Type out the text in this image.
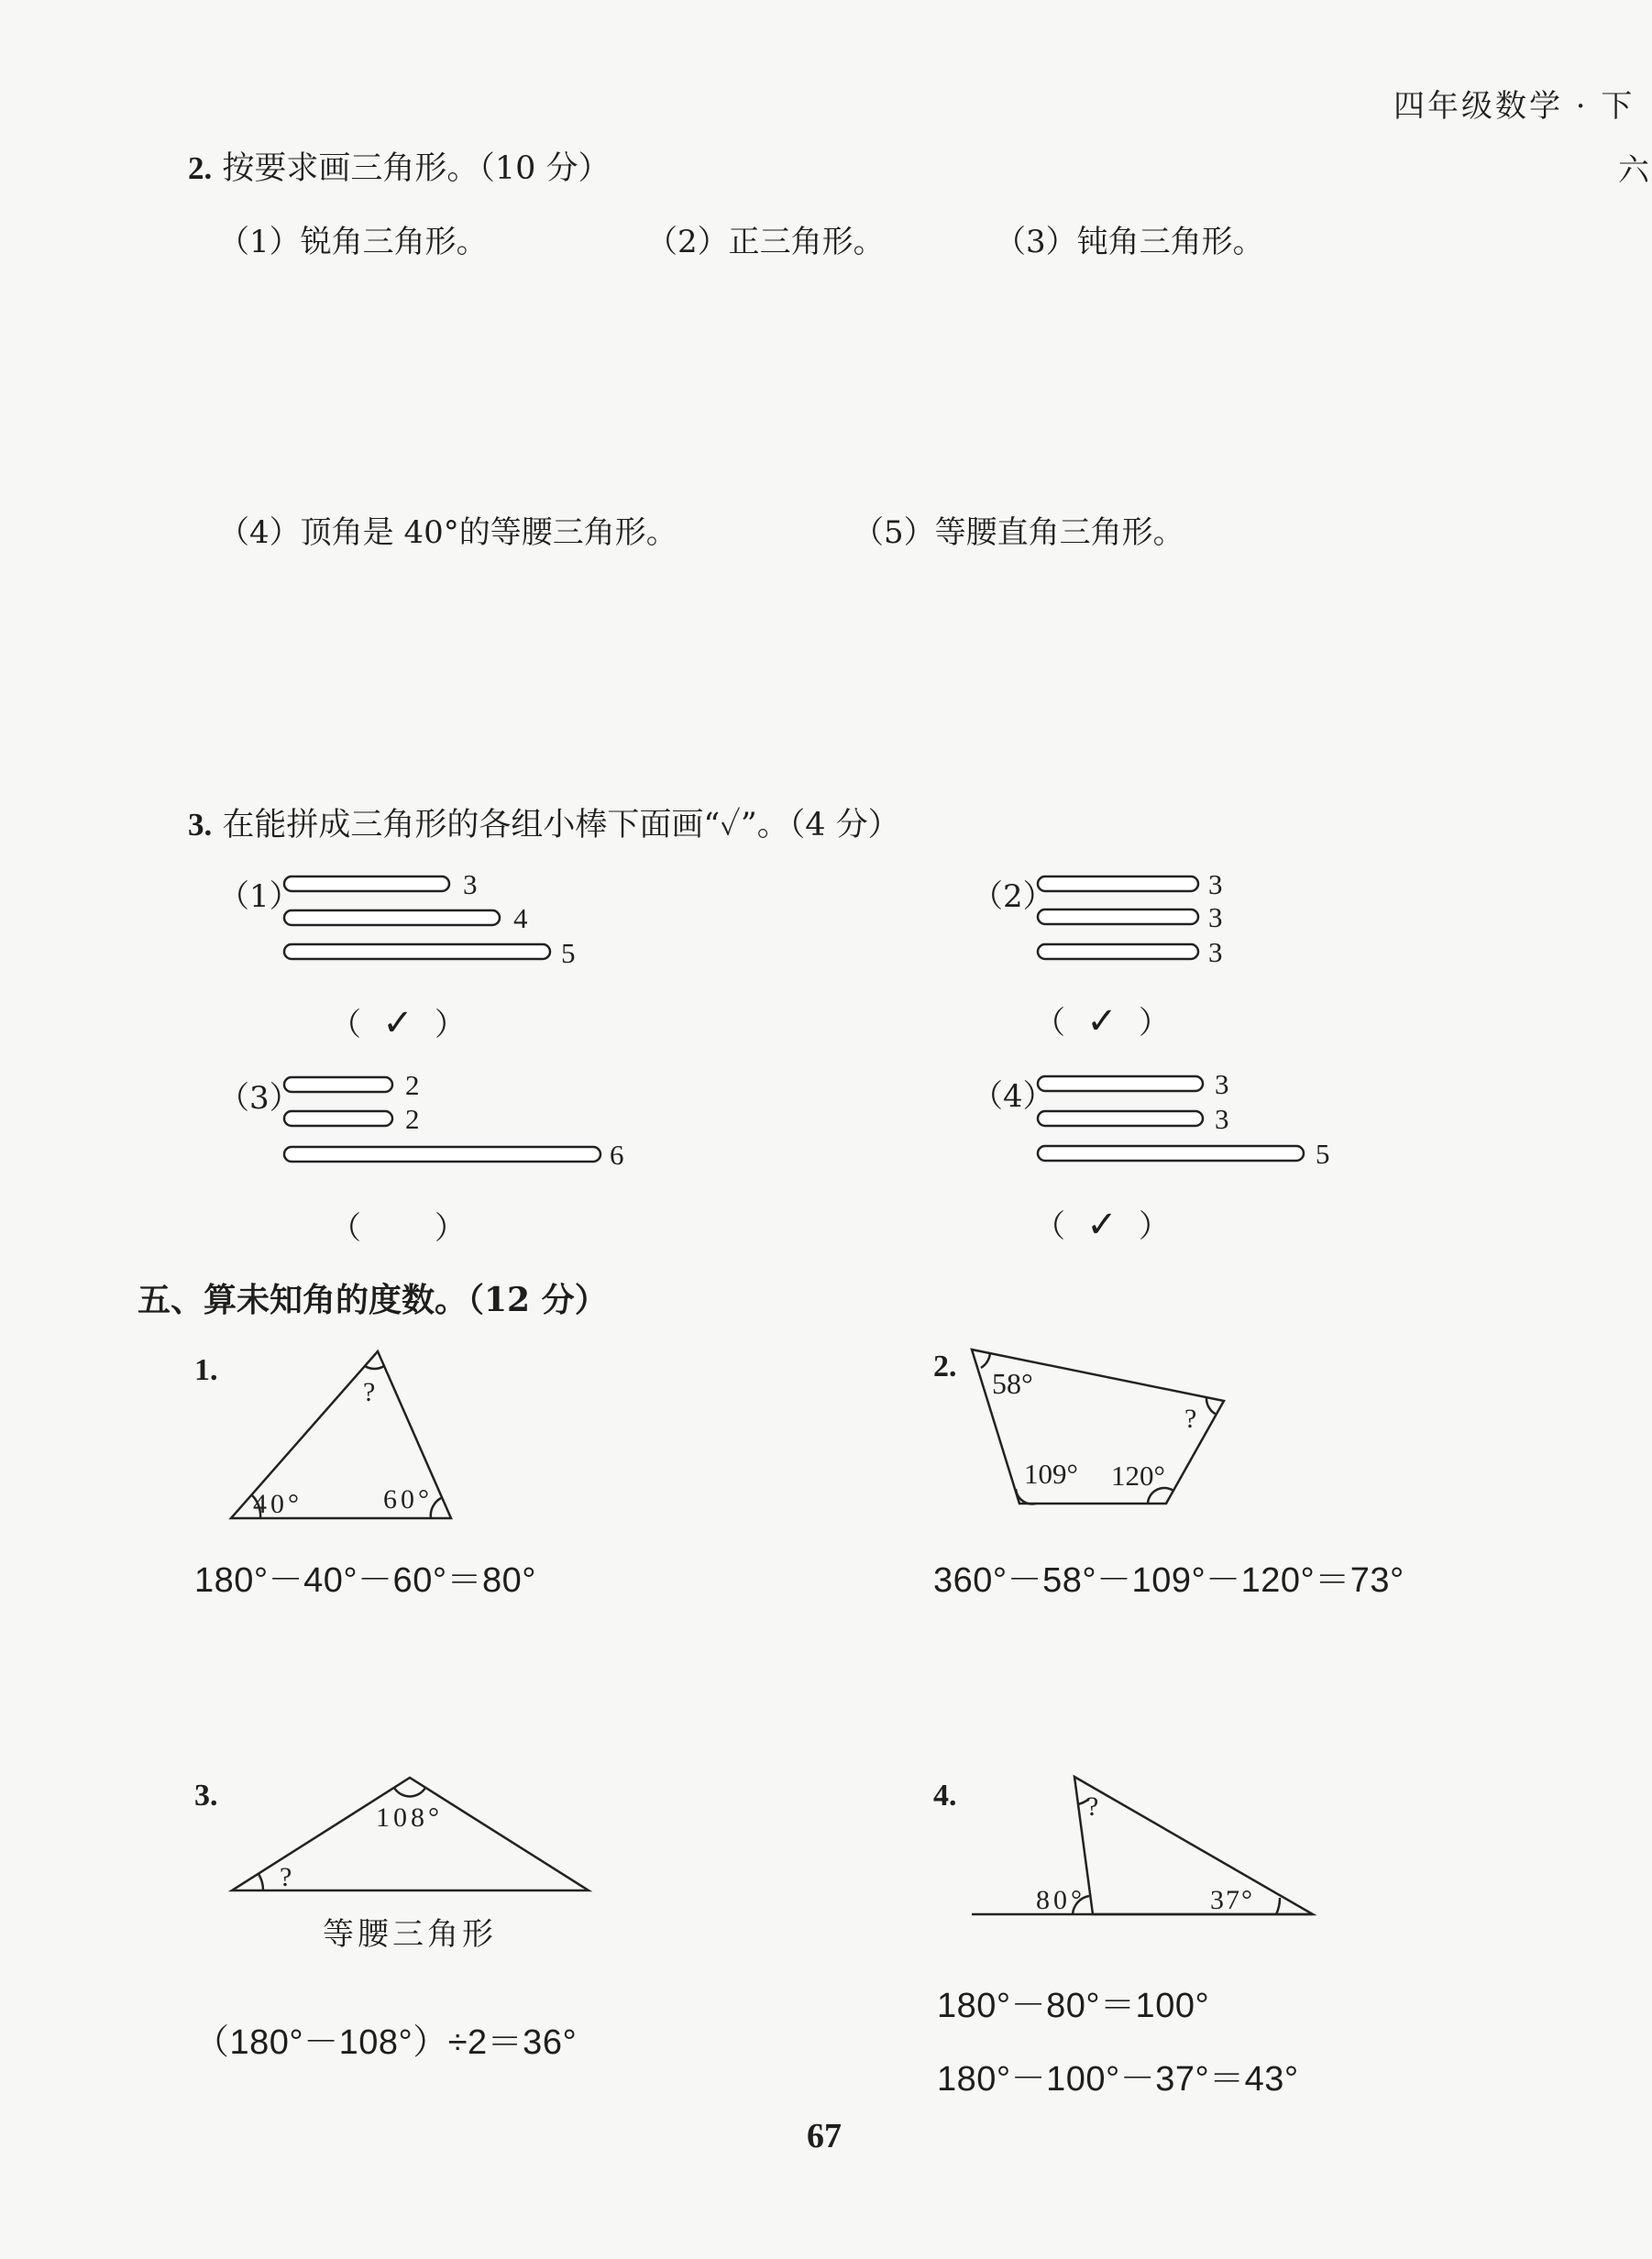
四年级数学 · 下
六
2. 按要求画三角形。（10 分）
（1）锐角三角形。	（2）正三角形。	（3）钝角三角形。
（4）顶角是 40°的等腰三角形。	（5）等腰直角三角形。
3. 在能拼成三角形的各组小棒下面画“✓”。（4 分）
?
40°	60°
58°
?
109° 120°
108°
?
?
80°	37°
3
4
5
3
3
3
2
2
6
3
3
5
（1）	（2）
（3）	（4）
（ ✓ ）	（ ✓ ）
（ ）	（ ✓ ）
五、算未知角的度数。（12 分）
1.	2.
3.	4.
180°－40°－60°＝80°	360°－58°－109°－120°＝73°
等腰三角形
（180°－108°）÷2＝36°
180°－80°＝100°
180°－100°－37°＝43°
67
